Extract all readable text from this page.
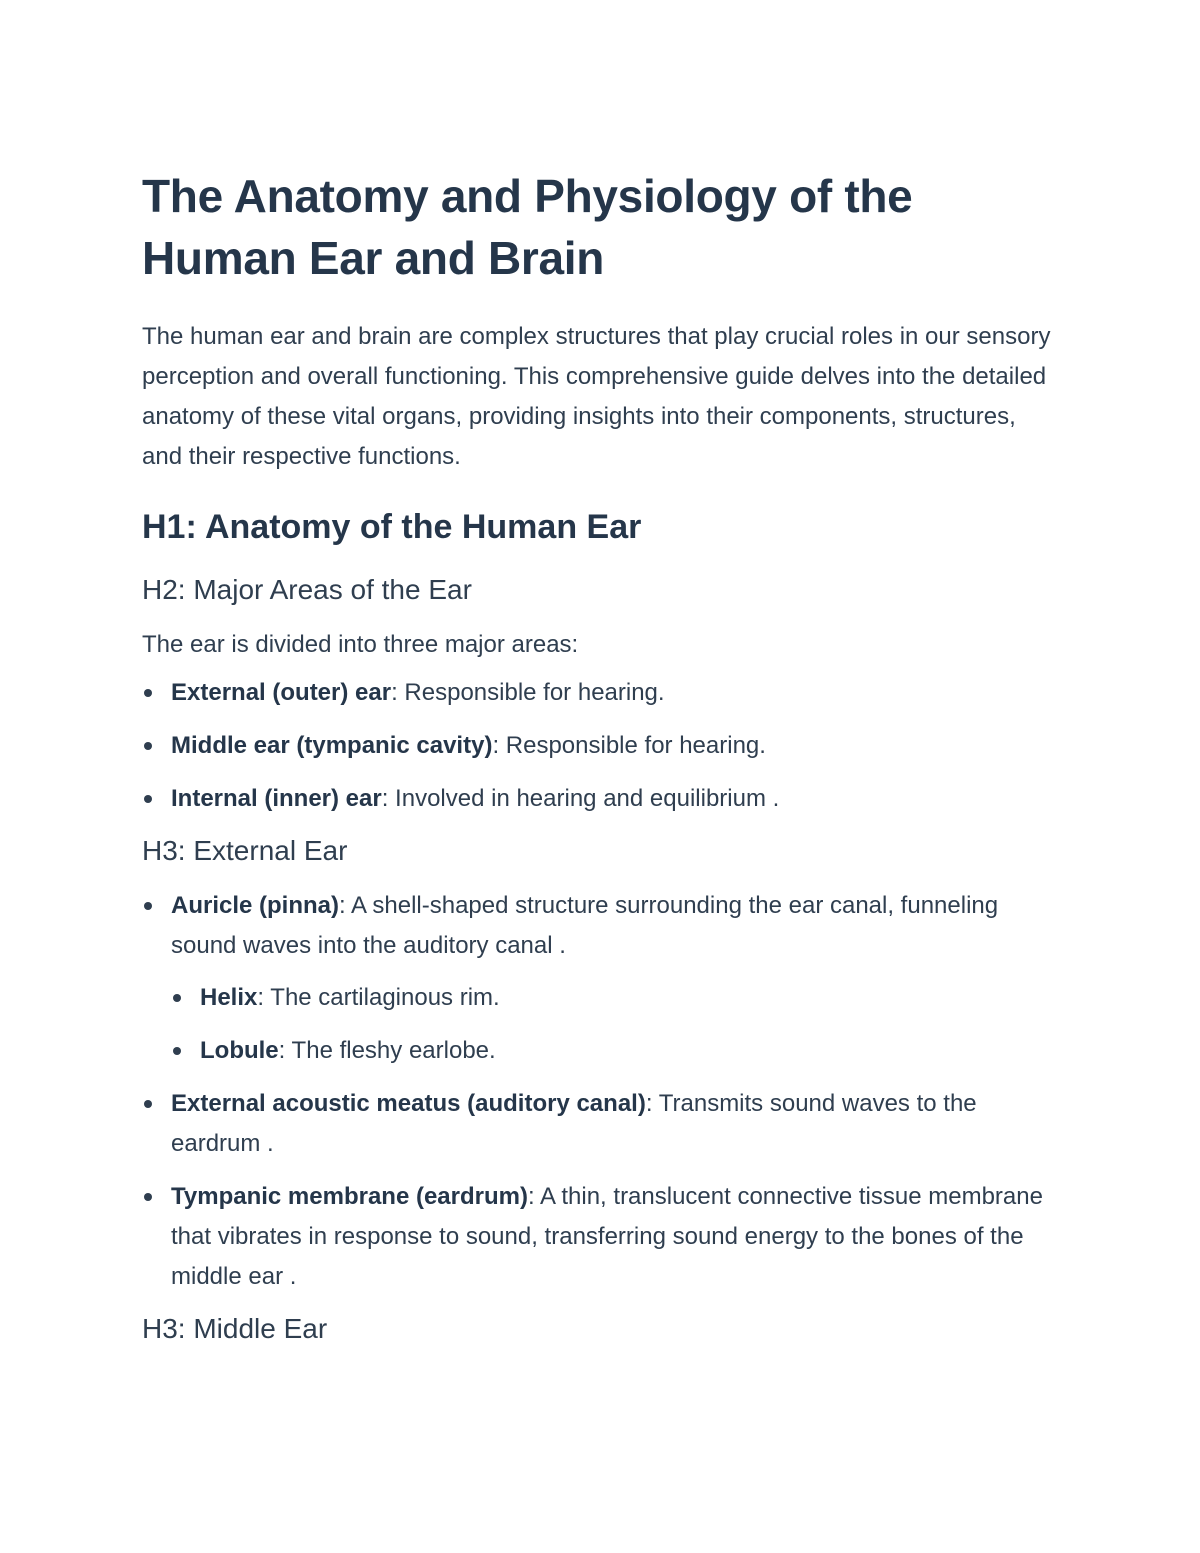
The Anatomy and Physiology of the Human Ear and Brain
The human ear and brain are complex structures that play crucial roles in our sensory perception and overall functioning. This comprehensive guide delves into the detailed anatomy of these vital organs, providing insights into their components, structures, and their respective functions.
H1: Anatomy of the Human Ear
H2: Major Areas of the Ear
The ear is divided into three major areas:
External (outer) ear: Responsible for hearing.
Middle ear (tympanic cavity): Responsible for hearing.
Internal (inner) ear: Involved in hearing and equilibrium .
H3: External Ear
Auricle (pinna): A shell-shaped structure surrounding the ear canal, funneling sound waves into the auditory canal .
Helix: The cartilaginous rim.
Lobule: The fleshy earlobe.
External acoustic meatus (auditory canal): Transmits sound waves to the eardrum .
Tympanic membrane (eardrum): A thin, translucent connective tissue membrane that vibrates in response to sound, transferring sound energy to the bones of the middle ear .
H3: Middle Ear
